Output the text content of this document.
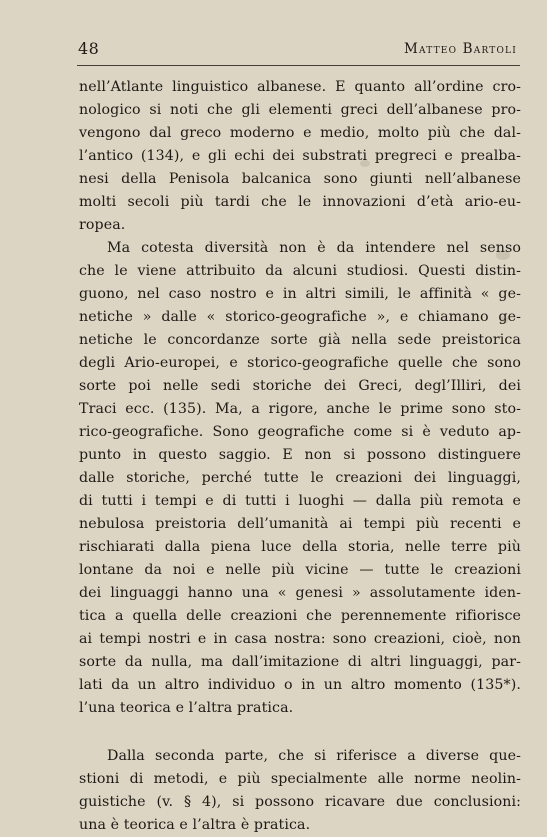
48	Matteo Bartoli
nell’Atlante linguistico albanese. E quanto all’ordine cro-
nologico si noti che gli elementi greci dell’albanese pro-
vengono dal greco moderno e medio, molto più che dal-
l’antico (134), e gli echi dei substrati pregreci e prealba-
nesi della Penisola balcanica sono giunti nell’albanese
molti secoli più tardi che le innovazioni d’età ario-eu-
ropea.
Ma cotesta diversità non è da intendere nel senso
che le viene attribuito da alcuni studiosi. Questi distin-
guono, nel caso nostro e in altri simili, le affinità « ge-
netiche » dalle « storico-geografiche », e chiamano ge-
netiche le concordanze sorte già nella sede preistorica
degli Ario-europei, e storico-geografiche quelle che sono
sorte poi nelle sedi storiche dei Greci, degl’Illiri, dei
Traci ecc. (135). Ma, a rigore, anche le prime sono sto-
rico-geografiche. Sono geografiche come si è veduto ap-
punto in questo saggio. E non si possono distinguere
dalle storiche, perché tutte le creazioni dei linguaggi,
di tutti i tempi e di tutti i luoghi — dalla più remota e
nebulosa preistoria dell’umanità ai tempi più recenti e
rischiarati dalla piena luce della storia, nelle terre più
lontane da noi e nelle più vicine — tutte le creazioni
dei linguaggi hanno una « genesi » assolutamente iden-
tica a quella delle creazioni che perennemente rifiorisce
ai tempi nostri e in casa nostra: sono creazioni, cioè, non
sorte da nulla, ma dall’imitazione di altri linguaggi, par-
lati da un altro individuo o in un altro momento (135*).
l’una teorica e l’altra pratica.
Dalla seconda parte, che si riferisce a diverse que-
stioni di metodi, e più specialmente alle norme neolin-
guistiche (v. § 4), si possono ricavare due conclusioni:
una è teorica e l’altra è pratica.
